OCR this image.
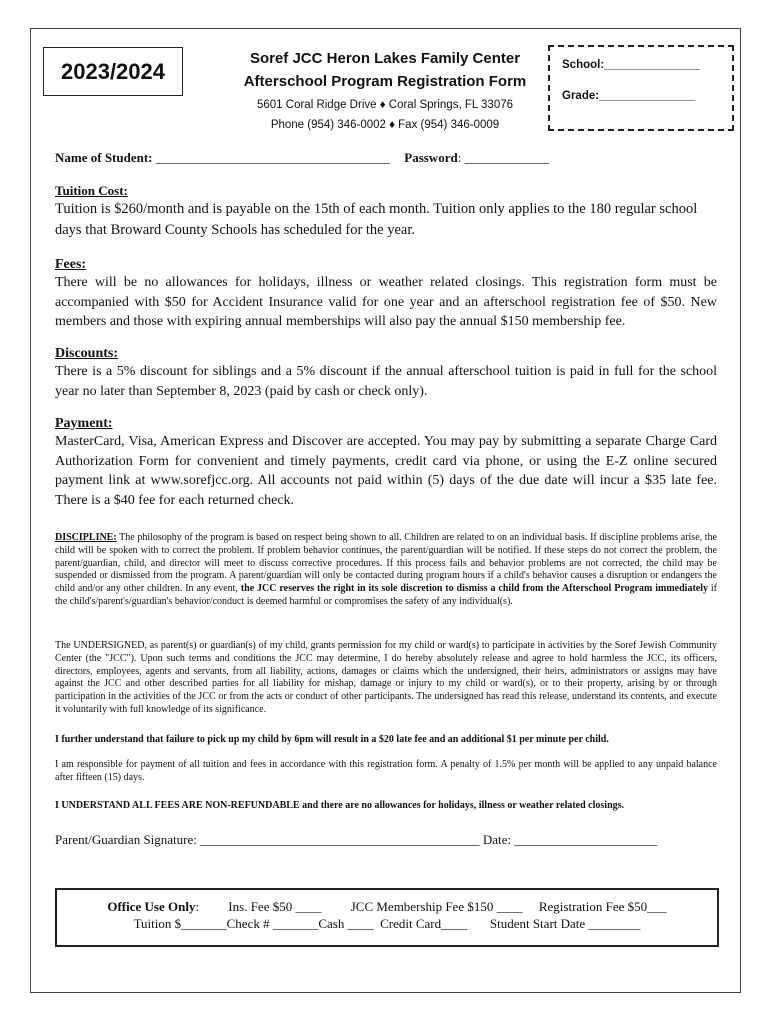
2023/2024	Soref JCC Heron Lakes Family Center
Afterschool Program Registration Form
5601 Coral Ridge Drive ♦ Coral Springs, FL 33076
Phone (954) 346-0002 ♦ Fax (954) 346-0009
School:_______________
Grade:_______________
Name of Student: ____________________________________ Password: _____________
Tuition Cost:
Tuition is $260/month and is payable on the 15th of each month. Tuition only applies to the 180 regular school days that Broward County Schools has scheduled for the year.
Fees:
There will be no allowances for holidays, illness or weather related closings. This registration form must be accompanied with $50 for Accident Insurance valid for one year and an afterschool registration fee of $50. New members and those with expiring annual memberships will also pay the annual $150 membership fee.
Discounts:
There is a 5% discount for siblings and a 5% discount if the annual afterschool tuition is paid in full for the school year no later than September 8, 2023 (paid by cash or check only).
Payment:
MasterCard, Visa, American Express and Discover are accepted. You may pay by submitting a separate Charge Card Authorization Form for convenient and timely payments, credit card via phone, or using the E-Z online secured payment link at www.sorefjcc.org. All accounts not paid within (5) days of the due date will incur a $35 late fee. There is a $40 fee for each returned check.
DISCIPLINE: The philosophy of the program is based on respect being shown to all. Children are related to on an individual basis. If discipline problems arise, the child will be spoken with to correct the problem. If problem behavior continues, the parent/guardian will be notified. If these steps do not correct the problem, the parent/guardian, child, and director will meet to discuss corrective procedures. If this process fails and behavior problems are not corrected, the child may be suspended or dismissed from the program. A parent/guardian will only be contacted during program hours if a child's behavior causes a disruption or endangers the child and/or any other children. In any event, the JCC reserves the right in its sole discretion to dismiss a child from the Afterschool Program immediately if the child's/parent's/guardian's behavior/conduct is deemed harmful or compromises the safety of any individual(s).
The UNDERSIGNED, as parent(s) or guardian(s) of my child, grants permission for my child or ward(s) to participate in activities by the Soref Jewish Community Center (the "JCC"). Upon such terms and conditions the JCC may determine, I do hereby absolutely release and agree to hold harmless the JCC, its officers, directors, employees, agents and servants, from all liability, actions, damages or claims which the undersigned, their heirs, administrators or assigns may have against the JCC and other described parties for all liability for mishap, damage or injury to my child or ward(s), or to their property, arising by or through participation in the activities of the JCC or from the acts or conduct of other participants. The undersigned has read this release, understand its contents, and execute it voluntarily with full knowledge of its significance.
I further understand that failure to pick up my child by 6pm will result in a $20 late fee and an additional $1 per minute per child.
I am responsible for payment of all tuition and fees in accordance with this registration form. A penalty of 1.5% per month will be applied to any unpaid balance after fifteen (15) days.
I UNDERSTAND ALL FEES ARE NON-REFUNDABLE and there are no allowances for holidays, illness or weather related closings.
Parent/Guardian Signature: ___________________________________________ Date: ______________________
Office Use Only:         Ins. Fee $50 ____         JCC Membership Fee $150 ____     Registration Fee $50___
Tuition $_______Check # _______Cash ____  Credit Card____       Student Start Date ________
